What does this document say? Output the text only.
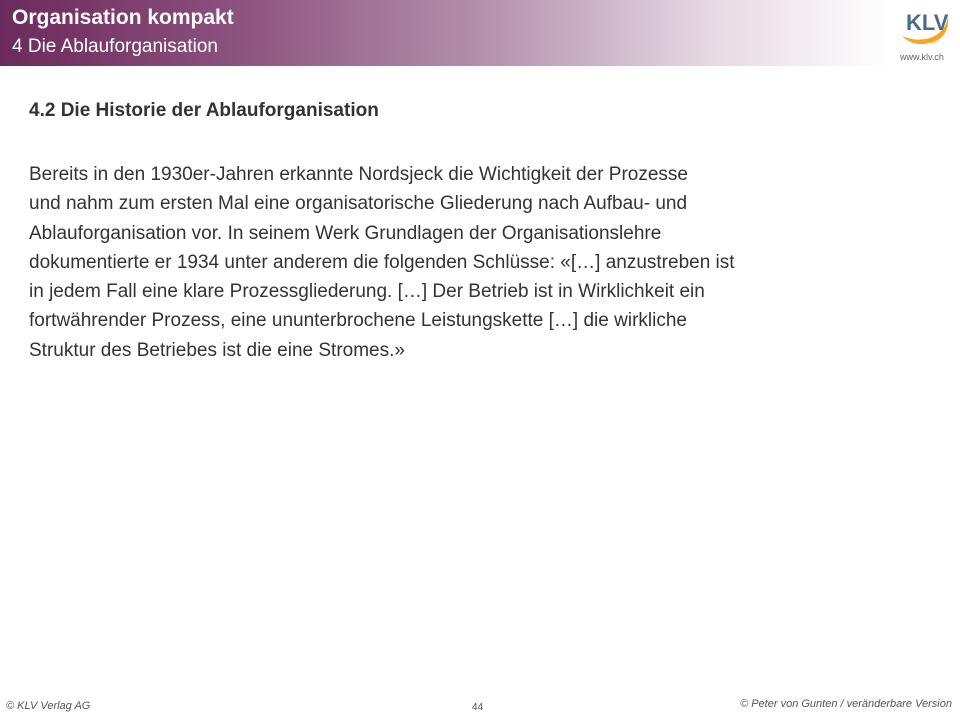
Organisation kompakt
4 Die Ablauforganisation
KLV
www.klv.ch
4.2 Die Historie der Ablauforganisation
Bereits in den 1930er-Jahren erkannte Nordsjeck die Wichtigkeit der Prozesse
und nahm zum ersten Mal eine organisatorische Gliederung nach Aufbau- und
Ablauforganisation vor. In seinem Werk Grundlagen der Organisationslehre
dokumentierte er 1934 unter anderem die folgenden Schlüsse: «[…] anzustreben ist
in jedem Fall eine klare Prozessgliederung. […] Der Betrieb ist in Wirklichkeit ein
fortwährender Prozess, eine ununterbrochene Leistungskette […] die wirkliche
Struktur des Betriebes ist die eine Stromes.»
© KLV Verlag AG	44	© Peter von Gunten / veränderbare Version
